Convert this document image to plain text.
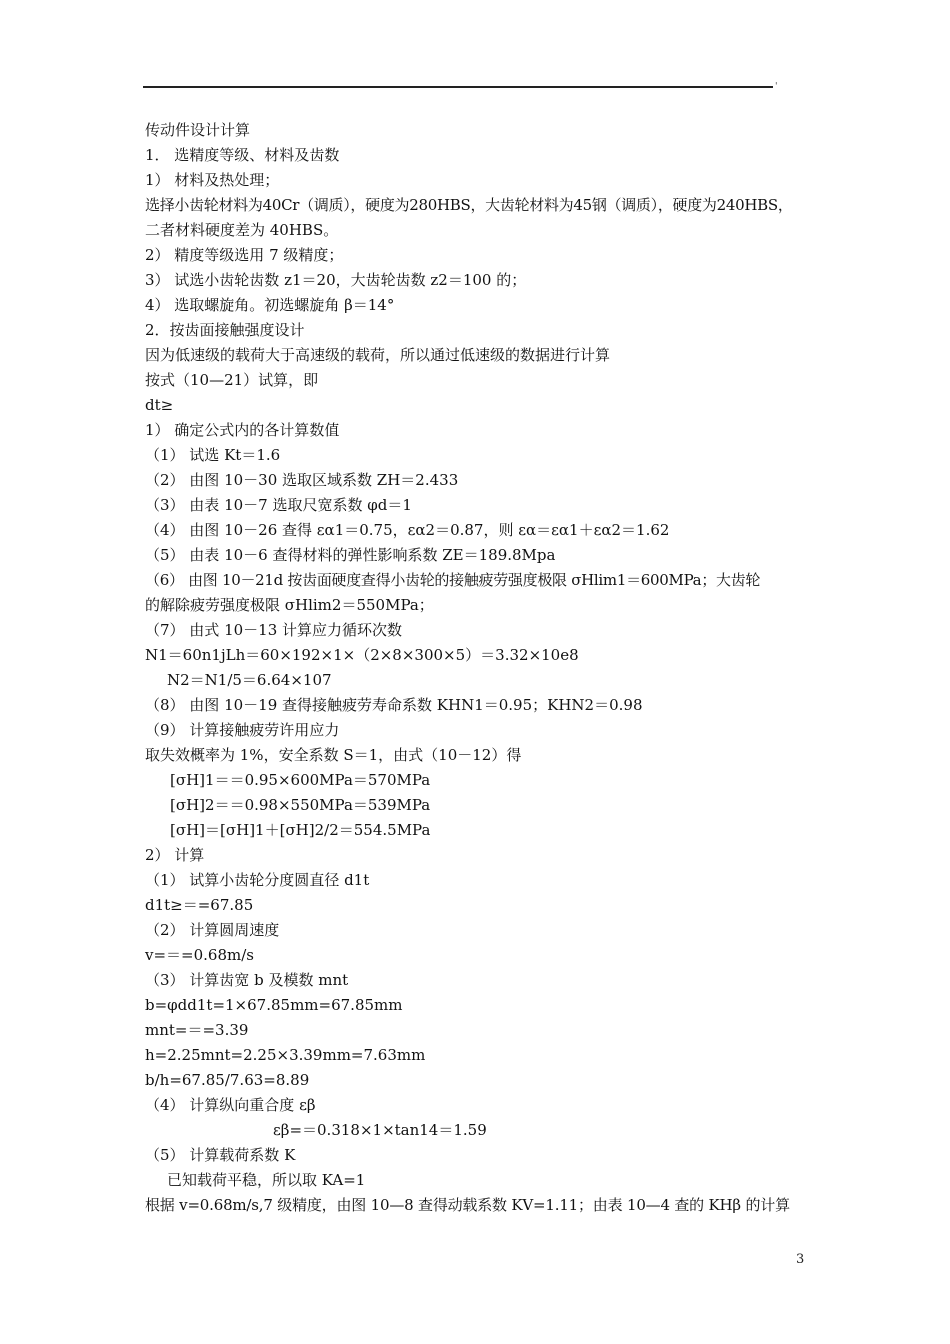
'
传动件设计计算
1． 选精度等级、材料及齿数
1） 材料及热处理；
选择小齿轮材料为40Cr（调质），硬度为280HBS，大齿轮材料为45钢（调质），硬度为240HBS，
二者材料硬度差为 40HBS。
2） 精度等级选用 7 级精度；
3） 试选小齿轮齿数 z1＝20，大齿轮齿数 z2＝100 的；
4） 选取螺旋角。初选螺旋角 β＝14°
2．按齿面接触强度设计
因为低速级的载荷大于高速级的载荷，所以通过低速级的数据进行计算
按式（10—21）试算，即
dt≥
1） 确定公式内的各计算数值
（1） 试选 Kt＝1.6
（2） 由图 10－30 选取区域系数 ZH＝2.433
（3） 由表 10－7 选取尺宽系数 φd＝1
（4） 由图 10－26 查得 εα1＝0.75，εα2＝0.87，则 εα＝εα1＋εα2＝1.62
（5） 由表 10－6 查得材料的弹性影响系数 ZE＝189.8Mpa
（6） 由图 10－21d 按齿面硬度查得小齿轮的接触疲劳强度极限 σHlim1＝600MPa；大齿轮
的解除疲劳强度极限 σHlim2＝550MPa；
（7） 由式 10－13 计算应力循环次数
N1＝60n1jLh＝60×192×1×（2×8×300×5）＝3.32×10e8
N2＝N1/5＝6.64×107
（8） 由图 10－19 查得接触疲劳寿命系数 KHN1＝0.95；KHN2＝0.98
（9） 计算接触疲劳许用应力
取失效概率为 1%，安全系数 S＝1，由式（10－12）得
[σH]1＝＝0.95×600MPa＝570MPa
[σH]2＝＝0.98×550MPa＝539MPa
[σH]＝[σH]1＋[σH]2/2＝554.5MPa
2） 计算
（1） 试算小齿轮分度圆直径 d1t
d1t≥＝=67.85
（2） 计算圆周速度
v=＝=0.68m/s
（3） 计算齿宽 b 及模数 mnt
b=φdd1t=1×67.85mm=67.85mm
mnt=＝=3.39
h=2.25mnt=2.25×3.39mm=7.63mm
b/h=67.85/7.63=8.89
（4） 计算纵向重合度 εβ
εβ=＝0.318×1×tan14＝1.59
（5） 计算载荷系数 K
已知载荷平稳，所以取 KA=1
根据 v=0.68m/s,7 级精度，由图 10—8 查得动载系数 KV=1.11；由表 10—4 查的 KHβ 的计算
3
